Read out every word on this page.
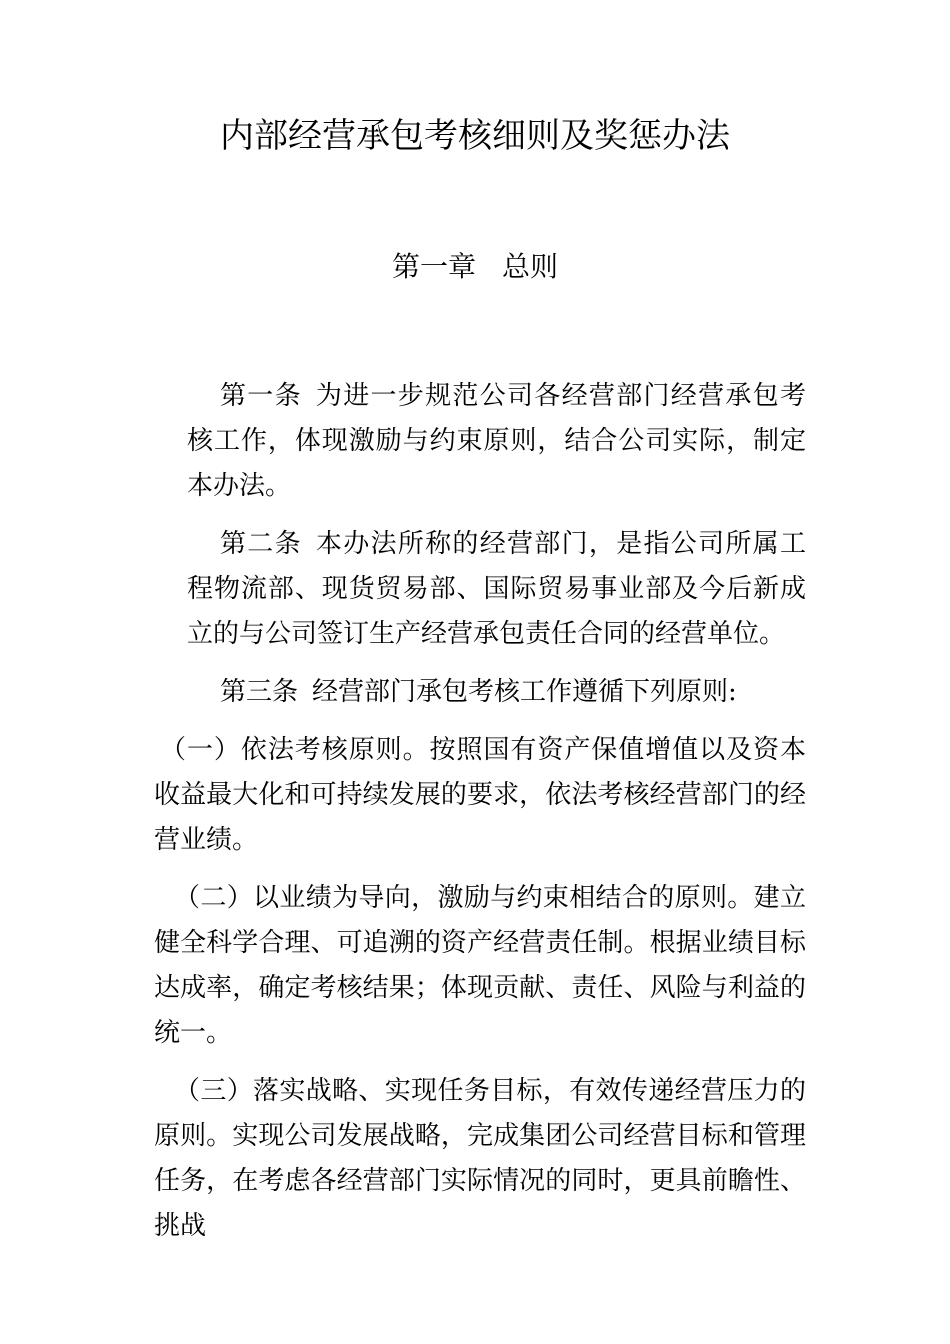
内部经营承包考核细则及奖惩办法
第一章 总则

第一条 为进一步规范公司各经营部门经营承包考核工作，体现激励与约束原则，结合公司实际，制定本办法。

第二条 本办法所称的经营部门，是指公司所属工程物流部、现货贸易部、国际贸易事业部及今后新成立的与公司签订生产经营承包责任合同的经营单位。

第三条 经营部门承包考核工作遵循下列原则:

（一）依法考核原则。按照国有资产保值增值以及资本收益最大化和可持续发展的要求，依法考核经营部门的经营业绩。

（二）以业绩为导向，激励与约束相结合的原则。建立健全科学合理、可追溯的资产经营责任制。根据业绩目标达成率，确定考核结果；体现贡献、责任、风险与利益的统一。

（三）落实战略、实现任务目标，有效传递经营压力的原则。实现公司发展战略，完成集团公司经营目标和管理任务，在考虑各经营部门实际情况的同时，更具前瞻性、挑战
